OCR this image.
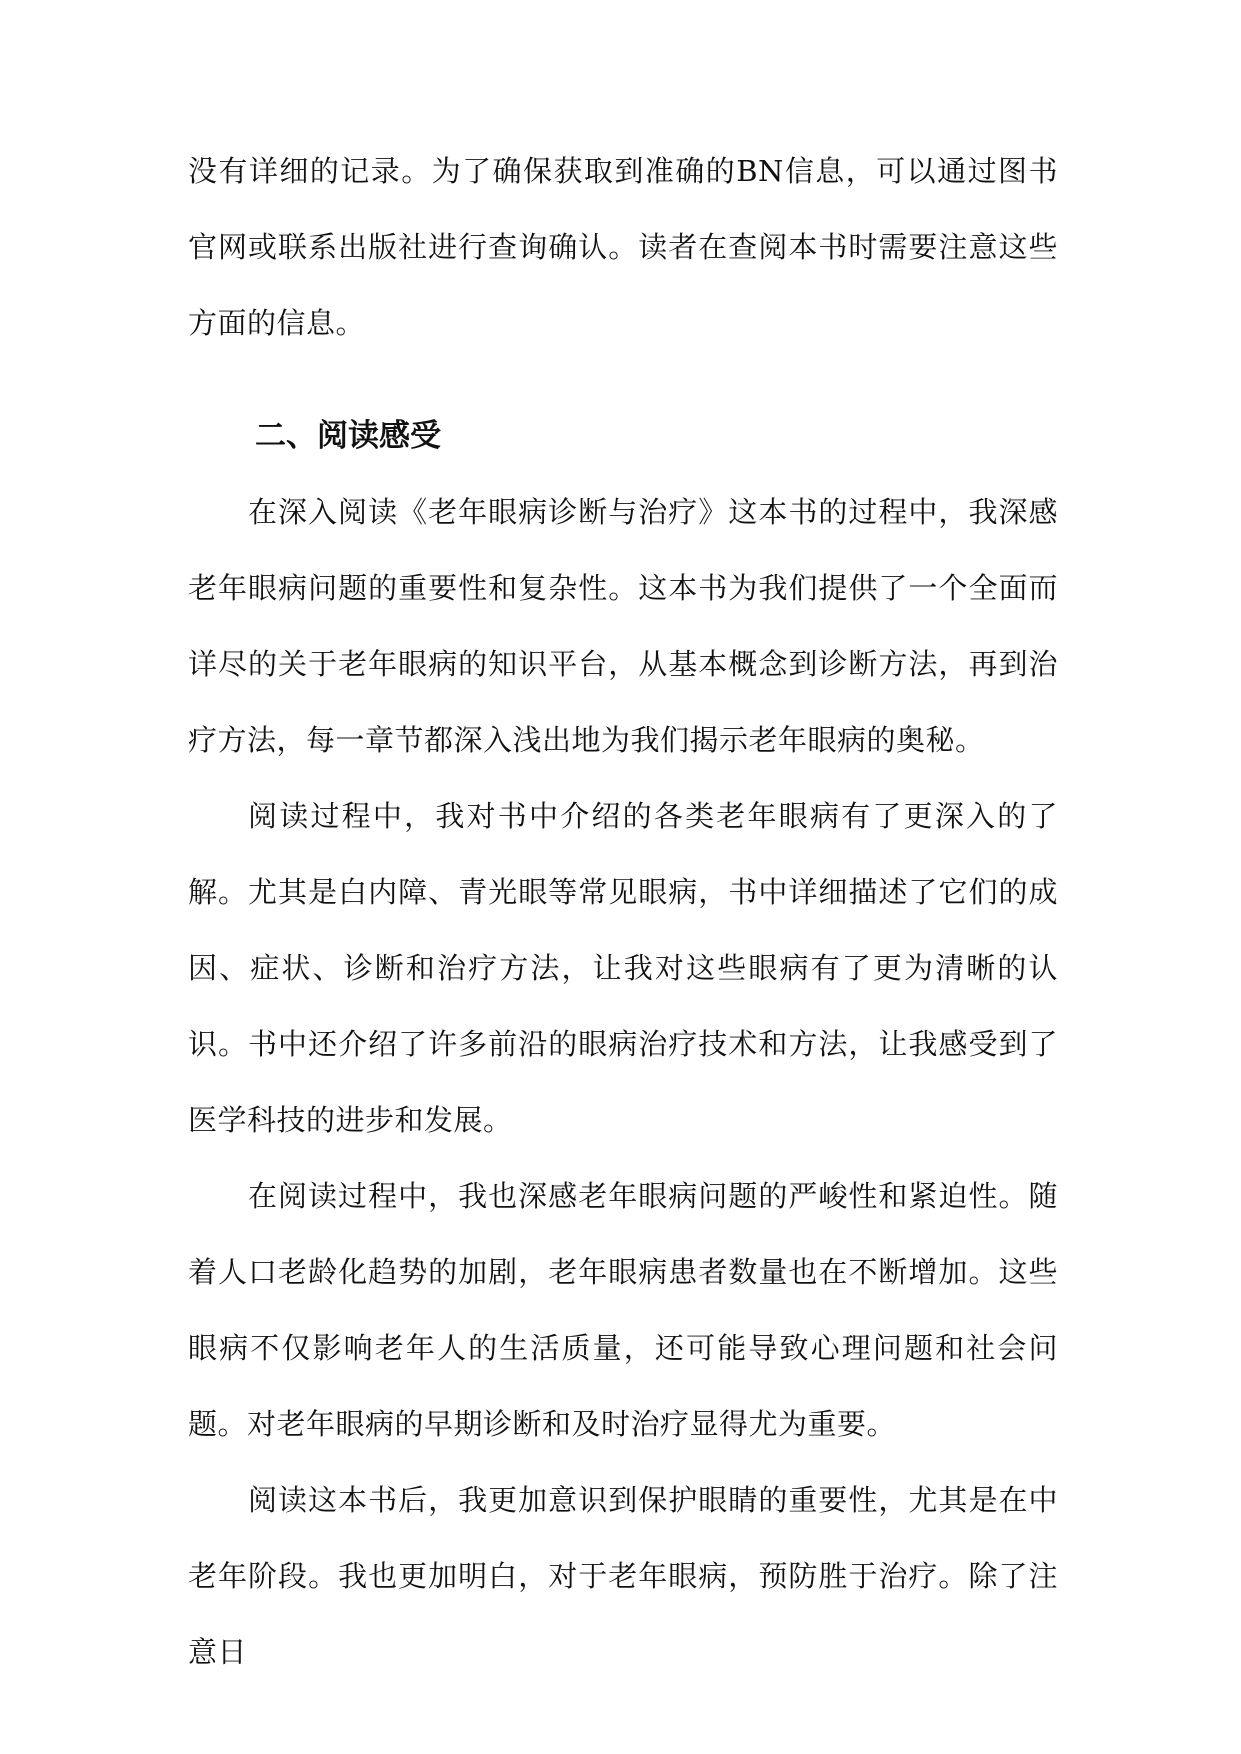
没有详细的记录。为了确保获取到准确的BN信息，可以通过图书官网或联系出版社进行查询确认。读者在查阅本书时需要注意这些方面的信息。

二、阅读感受

在深入阅读《老年眼病诊断与治疗》这本书的过程中，我深感老年眼病问题的重要性和复杂性。这本书为我们提供了一个全面而详尽的关于老年眼病的知识平台，从基本概念到诊断方法，再到治疗方法，每一章节都深入浅出地为我们揭示老年眼病的奥秘。

阅读过程中，我对书中介绍的各类老年眼病有了更深入的了解。尤其是白内障、青光眼等常见眼病，书中详细描述了它们的成因、症状、诊断和治疗方法，让我对这些眼病有了更为清晰的认识。书中还介绍了许多前沿的眼病治疗技术和方法，让我感受到了医学科技的进步和发展。

在阅读过程中，我也深感老年眼病问题的严峻性和紧迫性。随着人口老龄化趋势的加剧，老年眼病患者数量也在不断增加。这些眼病不仅影响老年人的生活质量，还可能导致心理问题和社会问题。对老年眼病的早期诊断和及时治疗显得尤为重要。

阅读这本书后，我更加意识到保护眼睛的重要性，尤其是在中老年阶段。我也更加明白，对于老年眼病，预防胜于治疗。除了注意日
